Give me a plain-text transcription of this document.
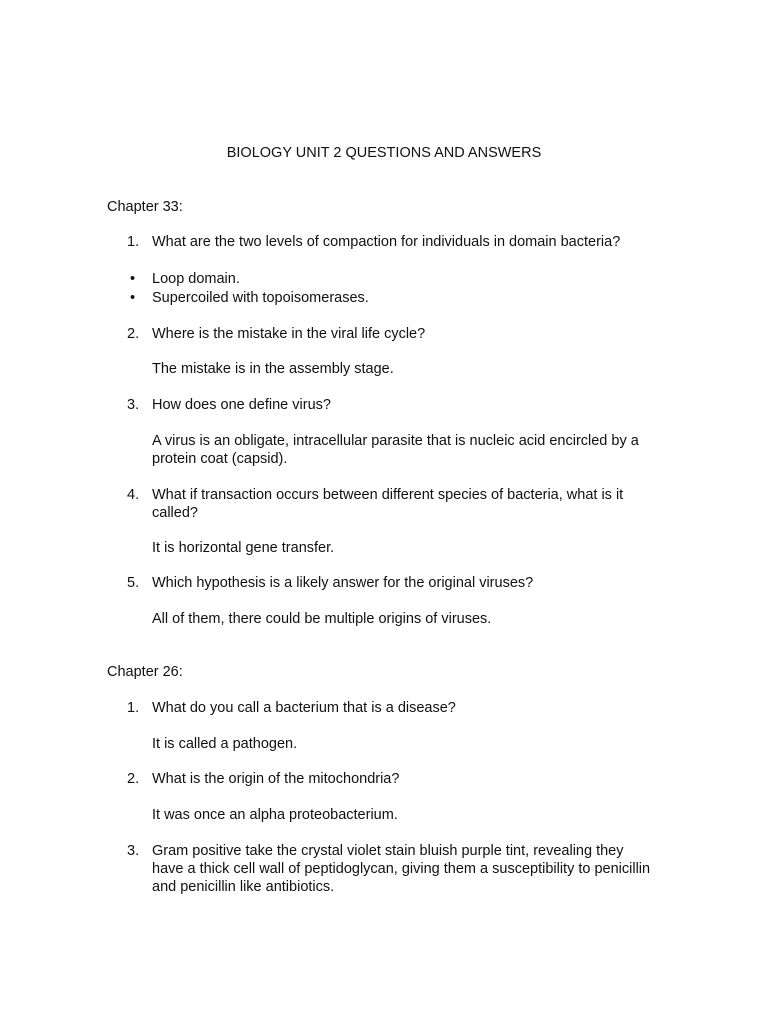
BIOLOGY UNIT 2 QUESTIONS AND ANSWERS
Chapter 33:
1. What are the two levels of compaction for individuals in domain bacteria?
• Loop domain.
• Supercoiled with topoisomerases.
2. Where is the mistake in the viral life cycle?
The mistake is in the assembly stage.
3. How does one define virus?
A virus is an obligate, intracellular parasite that is nucleic acid encircled by a protein coat (capsid).
4. What if transaction occurs between different species of bacteria, what is it called?
It is horizontal gene transfer.
5. Which hypothesis is a likely answer for the original viruses?
All of them, there could be multiple origins of viruses.
Chapter 26:
1. What do you call a bacterium that is a disease?
It is called a pathogen.
2. What is the origin of the mitochondria?
It was once an alpha proteobacterium.
3. Gram positive take the crystal violet stain bluish purple tint, revealing they have a thick cell wall of peptidoglycan, giving them a susceptibility to penicillin and penicillin like antibiotics.
